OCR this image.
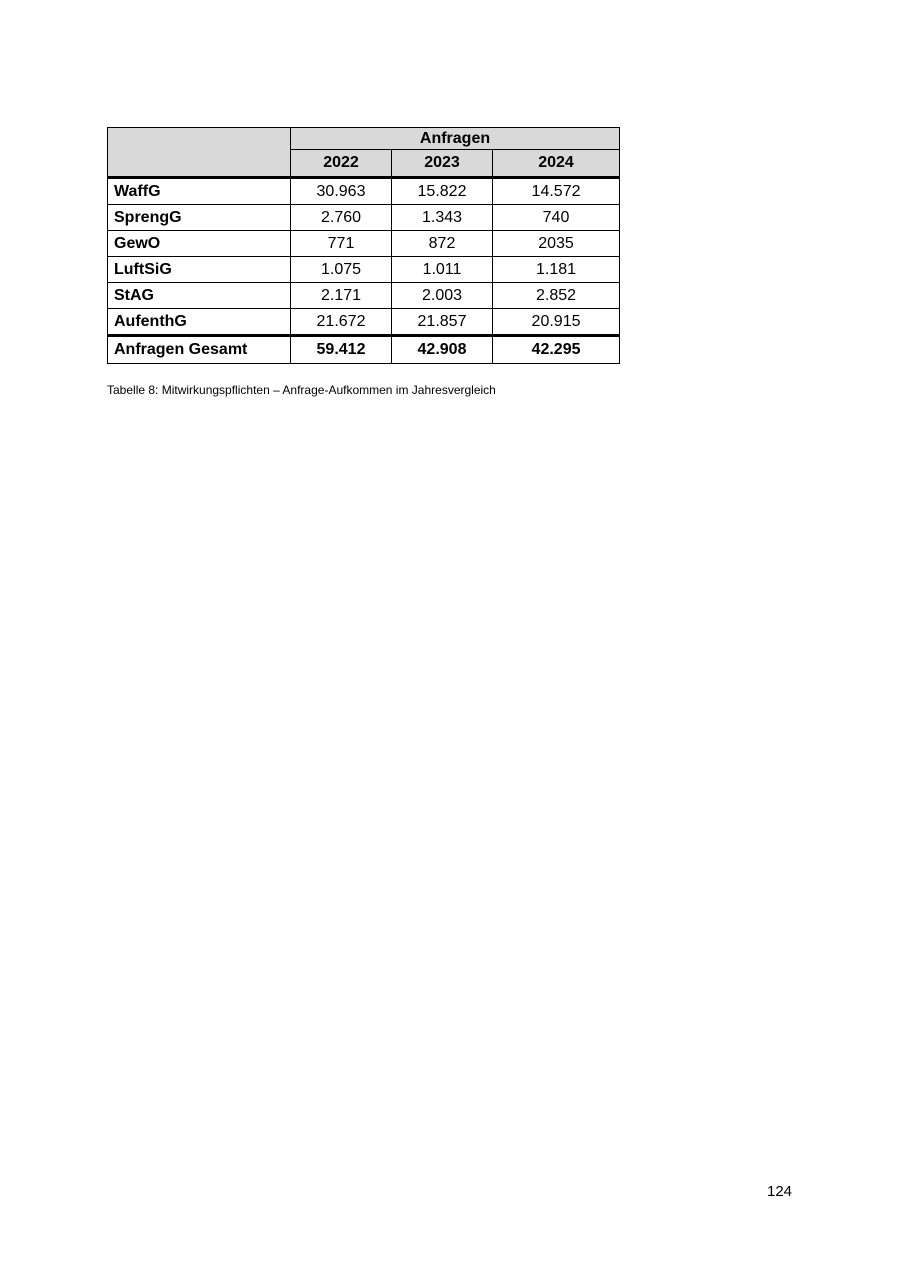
	Anfragen		
	2022	2023	2024
WaffG	30.963	15.822	14.572
SprengG	2.760	1.343	740
GewO	771	872	2035
LuftSiG	1.075	1.011	1.181
StAG	2.171	2.003	2.852
AufenthG	21.672	21.857	20.915
Anfragen Gesamt	59.412	42.908	42.295
Tabelle 8: Mitwirkungspflichten – Anfrage-Aufkommen im Jahresvergleich
124
